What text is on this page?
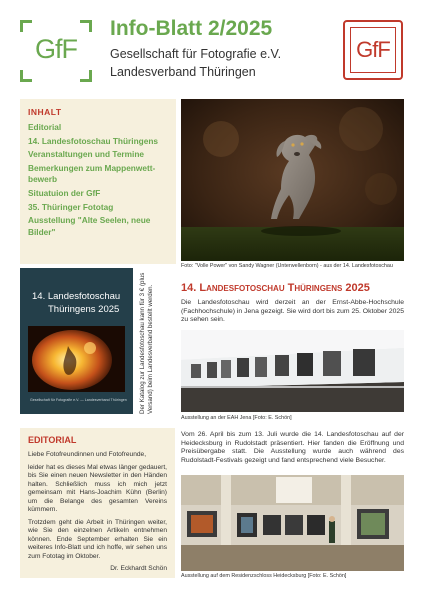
GfF
Info-Blatt 2/2025
Gesellschaft für Fotografie e.V.
Landesverband Thüringen
GfF
INHALT
Editorial
14. Landesfotoschau Thüringens
Veranstaltungen und Termine
Bemerkungen zum Mappenwett-bewerb
Situatuion der GfF
35. Thüringer Fototag
Ausstellung "Alte Seelen, neue Bilder"
Foto: "Volle Power" von Sandy Wagner (Unterwellenborn) - aus der 14. Landesfotoschau
14. Landesfotoschau
Thüringens 2025
Gesellschaft für Fotografie e.V. — Landesverband Thüringen Der Katalog zur Landesfotoschau kann für 3 € (plus Versand) beim Landesverband bestellt werden. 14. Landesfotoschau Thüringens 2025
Die Landesfotoschau wird derzeit an der Ernst-Abbe-Hochschule (Fachhochschule) in Jena gezeigt. Sie wird dort bis zum 25. Oktober 2025 zu sehen sein.
Ausstellung an der EAH Jena [Foto: E. Schön]
EDITORIAL
Liebe Fotofreundinnen und Fotofreunde,
leider hat es dieses Mal etwas länger gedauert, bis Sie einen neuen Newsletter in den Händen halten. Schließlich muss ich mich jetzt gemeinsam mit Hans-Joachim Kühn (Berlin) um die Belange des gesamten Vereins kümmern.
Trotzdem geht die Arbeit in Thüringen weiter, wie Sie den einzelnen Artikeln entnehmen können. Ende September erhalten Sie ein weiteres Info-Blatt und ich hoffe, wir sehen uns zum Fototag im Oktober.
Dr. Eckhardt Schön
Vom 26. April bis zum 13. Juli wurde die 14. Landesfotoschau auf der Heidecksburg in Rudolstadt präsentiert. Hier fanden die Eröffnung und Preisübergabe statt. Die Ausstellung wurde auch während des Rudolstadt-Festivals gezeigt und fand entsprechend viele Besucher.
Ausstellung auf dem Residenzschloss Heidecksburg [Foto: E. Schön]
